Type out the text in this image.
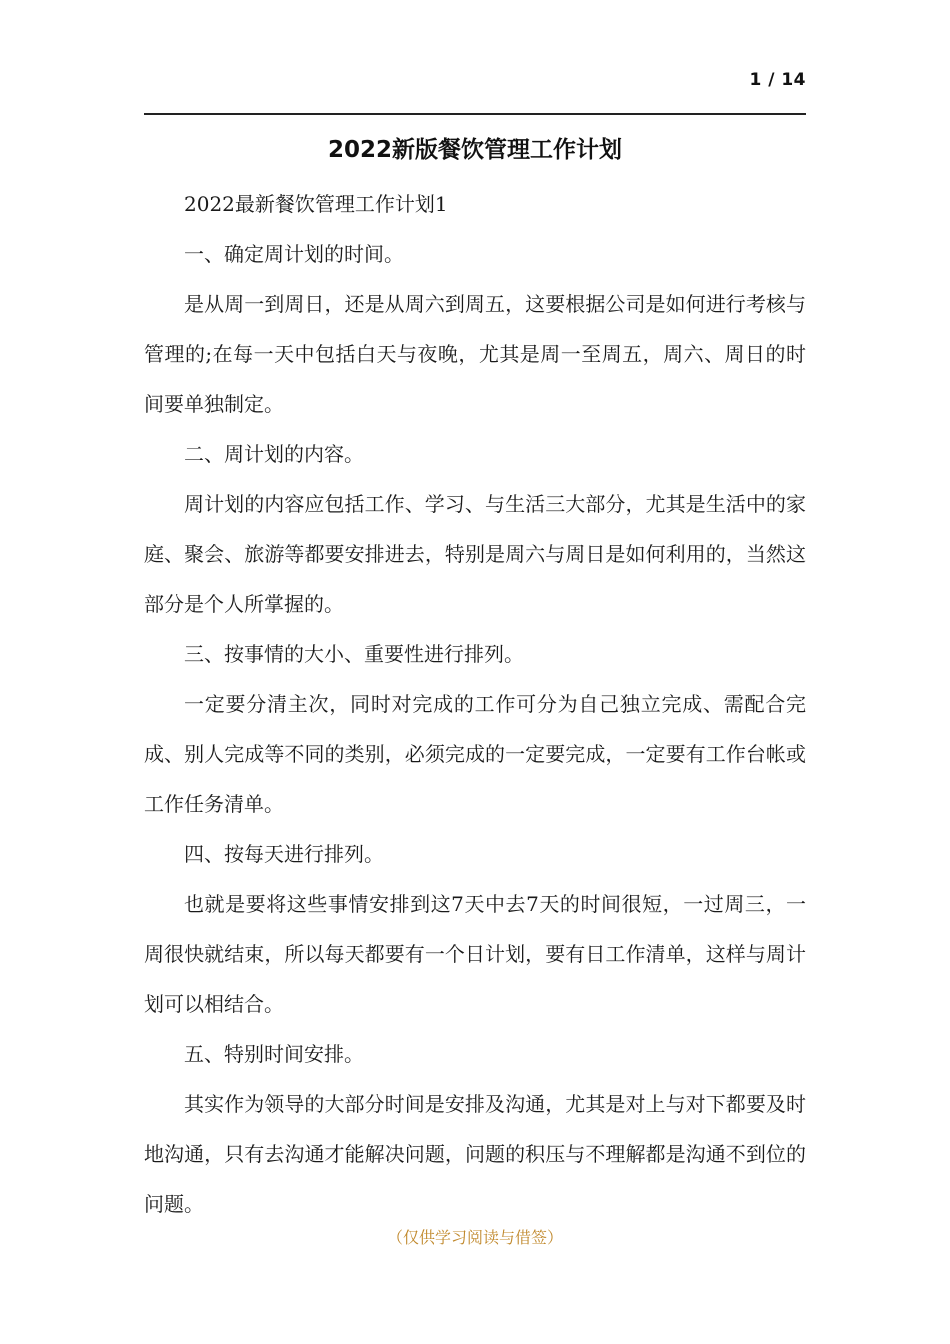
1 / 14
2022新版餐饮管理工作计划

2022最新餐饮管理工作计划1

一、确定周计划的时间。

是从周一到周日，还是从周六到周五，这要根据公司是如何进行考核与管理的;在每一天中包括白天与夜晚，尤其是周一至周五，周六、周日的时间要单独制定。

二、周计划的内容。

周计划的内容应包括工作、学习、与生活三大部分，尤其是生活中的家庭、聚会、旅游等都要安排进去，特别是周六与周日是如何利用的，当然这部分是个人所掌握的。

三、按事情的大小、重要性进行排列。

一定要分清主次，同时对完成的工作可分为自己独立完成、需配合完成、别人完成等不同的类别，必须完成的一定要完成，一定要有工作台帐或工作任务清单。

四、按每天进行排列。

也就是要将这些事情安排到这7天中去7天的时间很短，一过周三，一周很快就结束，所以每天都要有一个日计划，要有日工作清单，这样与周计划可以相结合。

五、特别时间安排。

其实作为领导的大部分时间是安排及沟通，尤其是对上与对下都要及时地沟通，只有去沟通才能解决问题，问题的积压与不理解都是沟通不到位的问题。

（仅供学习阅读与借签）
